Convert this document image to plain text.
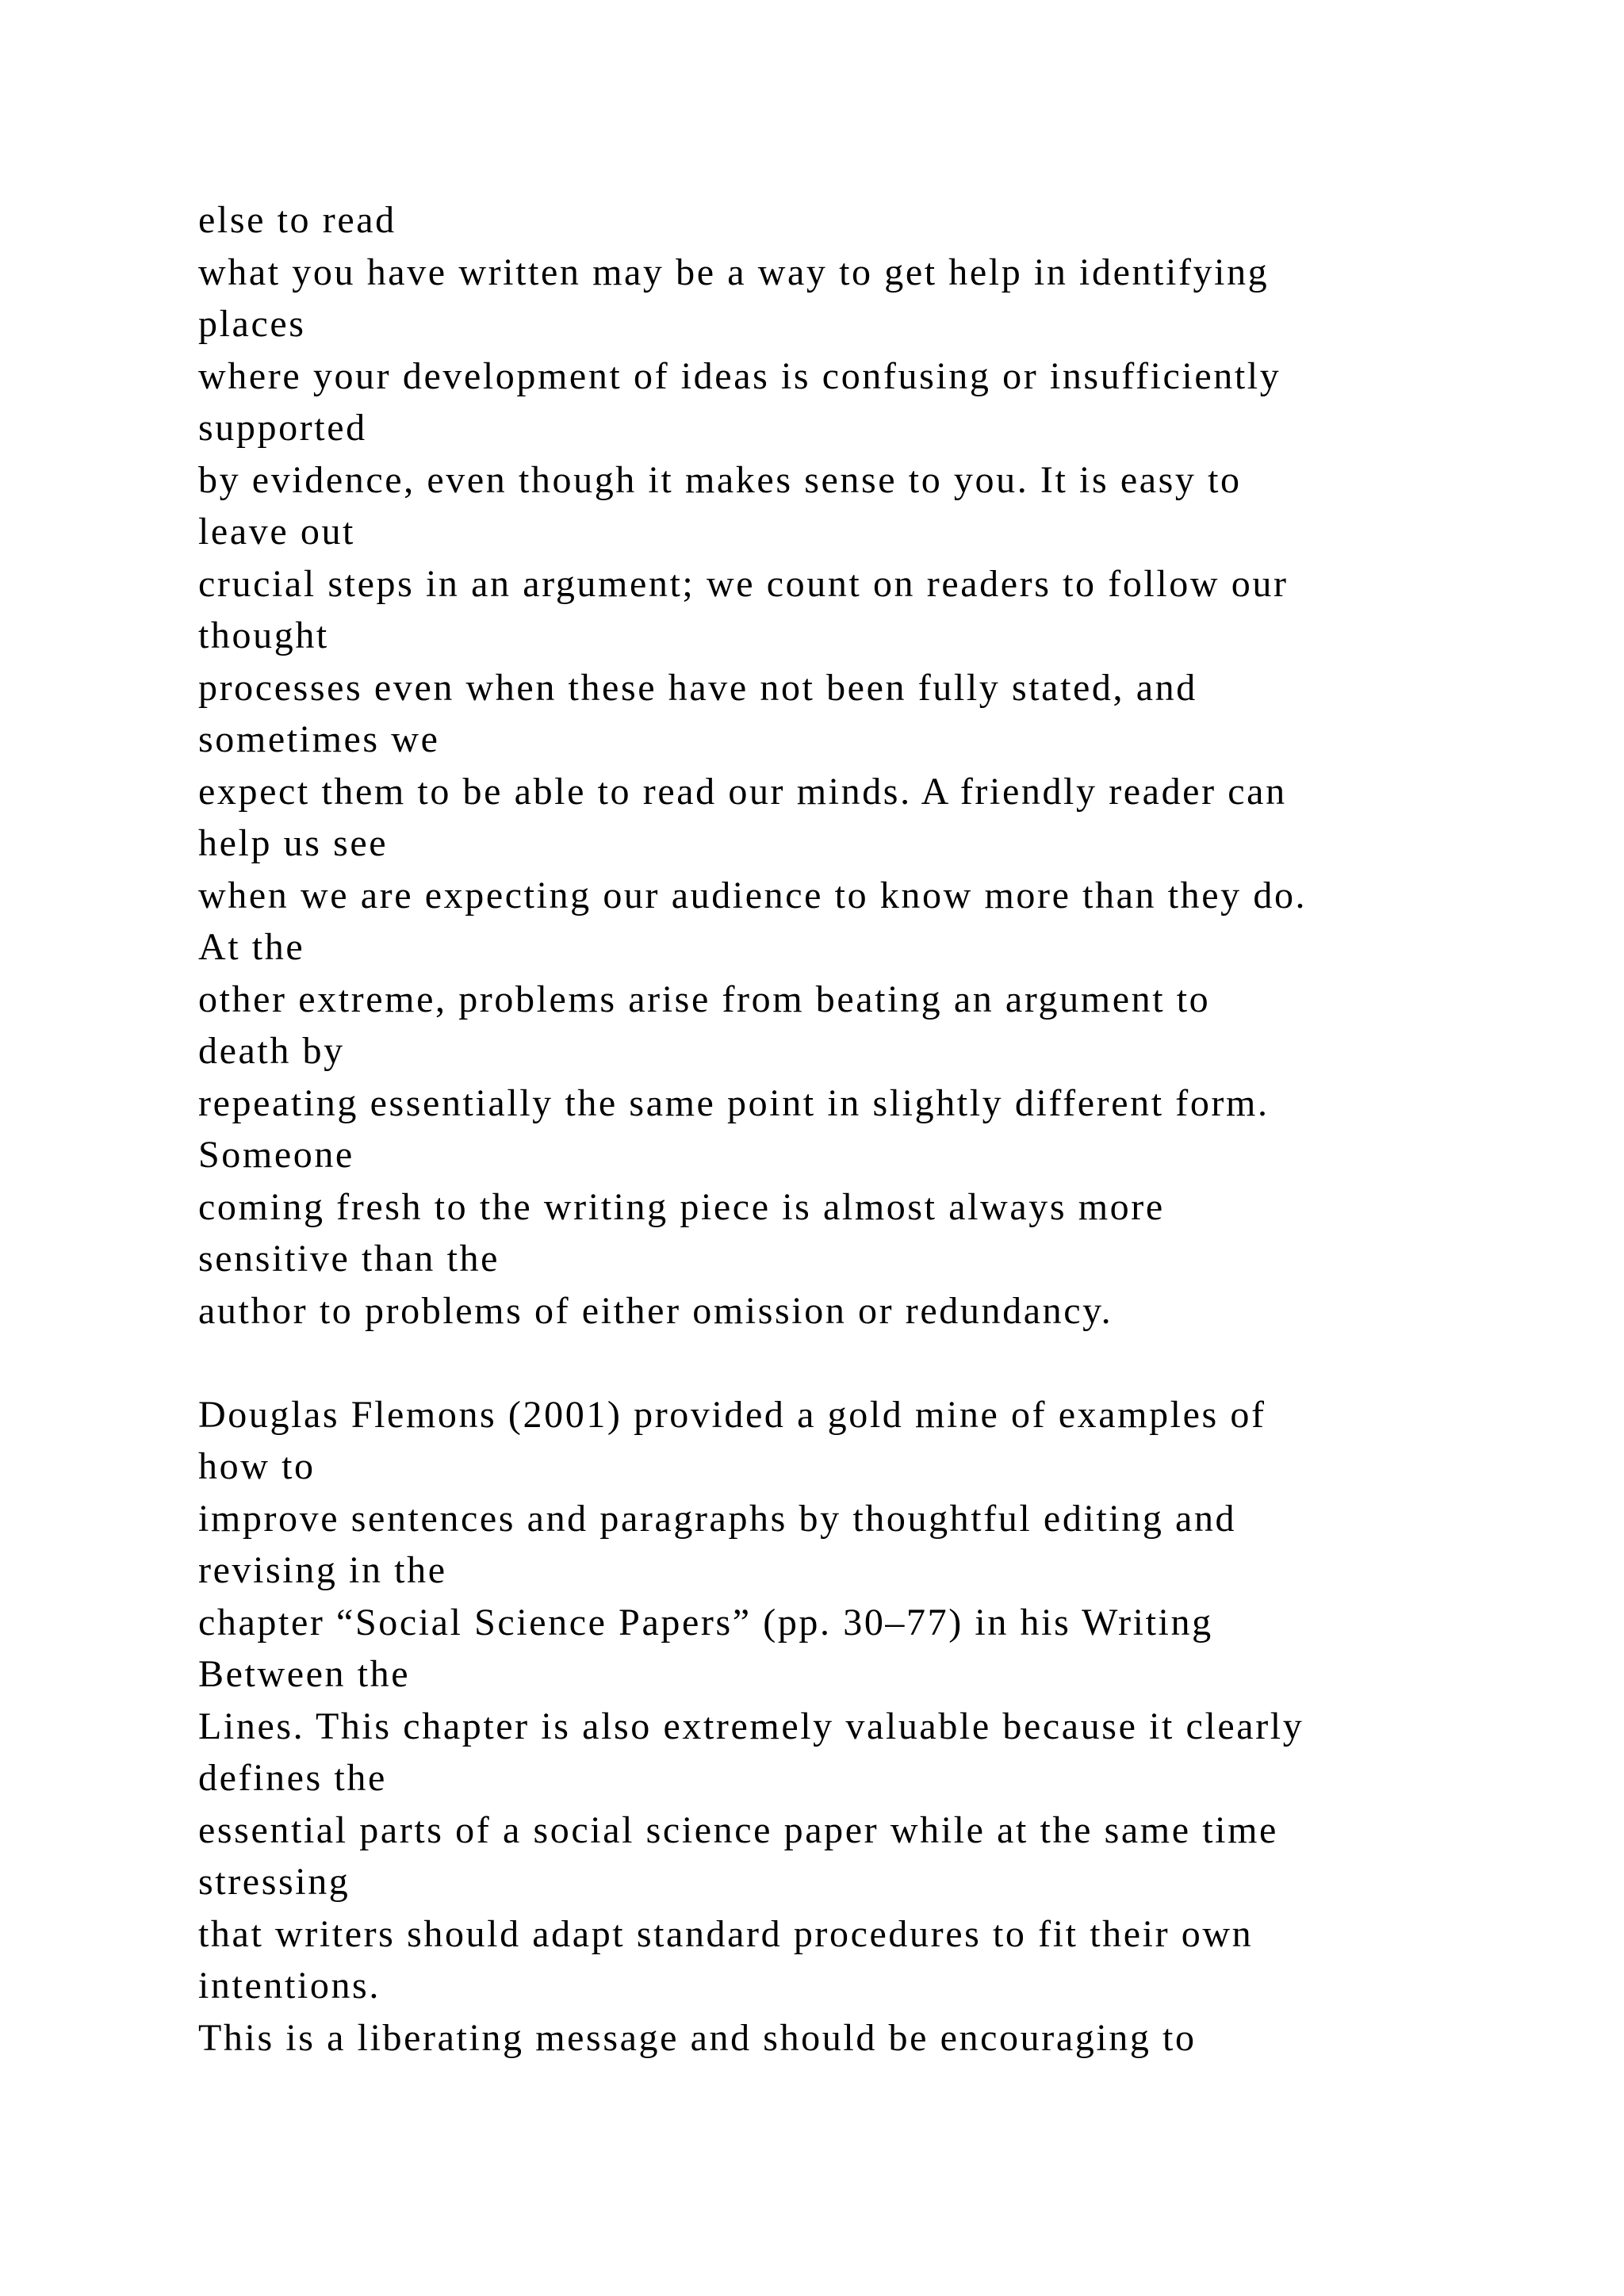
else to read
what you have written may be a way to get help in identifying
places
where your development of ideas is confusing or insufficiently
supported
by evidence, even though it makes sense to you. It is easy to
leave out
crucial steps in an argument; we count on readers to follow our
thought
processes even when these have not been fully stated, and
sometimes we
expect them to be able to read our minds. A friendly reader can
help us see
when we are expecting our audience to know more than they do.
At the
other extreme, problems arise from beating an argument to
death by
repeating essentially the same point in slightly different form.
Someone
coming fresh to the writing piece is almost always more
sensitive than the
author to problems of either omission or redundancy.
Douglas Flemons (2001) provided a gold mine of examples of
how to
improve sentences and paragraphs by thoughtful editing and
revising in the
chapter “Social Science Papers” (pp. 30–77) in his Writing
Between the
Lines. This chapter is also extremely valuable because it clearly
defines the
essential parts of a social science paper while at the same time
stressing
that writers should adapt standard procedures to fit their own
intentions.
This is a liberating message and should be encouraging to
